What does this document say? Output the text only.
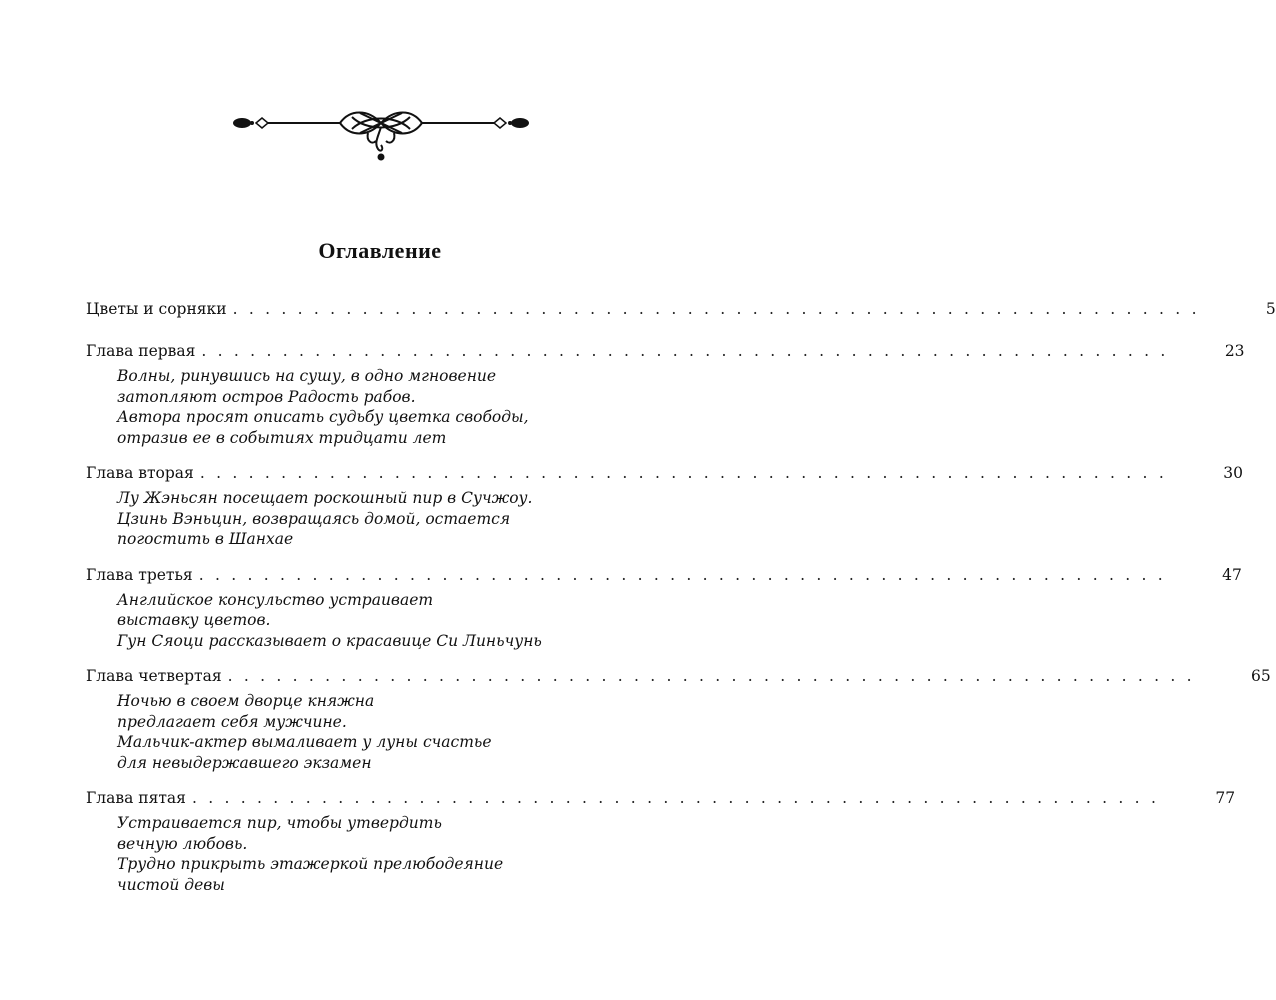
Оглавление
Цветы и сорняки . . . . . . . . . . . . . . . . . . . . . . . . . . . . . . . . . . . . . . . . . . . . . . . . . . . . . . . . . . . .	5
Глава первая . . . . . . . . . . . . . . . . . . . . . . . . . . . . . . . . . . . . . . . . . . . . . . . . . . . . . . . . . . . .	23
Волны, ринувшись на сушу, в одно мгновение
затопляют остров Радость рабов.
Автора просят описать судьбу цветка свободы,
отразив ее в событиях тридцати лет
Глава вторая . . . . . . . . . . . . . . . . . . . . . . . . . . . . . . . . . . . . . . . . . . . . . . . . . . . . . . . . . . . .	30
Лу Жэньсян посещает роскошный пир в Сучжоу.
Цзинь Вэньцин, возвращаясь домой, остается
погостить в Шанхае
Глава третья . . . . . . . . . . . . . . . . . . . . . . . . . . . . . . . . . . . . . . . . . . . . . . . . . . . . . . . . . . . .	47
Английское консульство устраивает
выставку цветов.
Гун Сяоци рассказывает о красавице Си Линьчунь
Глава четвертая . . . . . . . . . . . . . . . . . . . . . . . . . . . . . . . . . . . . . . . . . . . . . . . . . . . . . . . . . . . .	65
Ночью в своем дворце княжна
предлагает себя мужчине.
Мальчик-актер вымаливает у луны счастье
для невыдержавшего экзамен
Глава пятая . . . . . . . . . . . . . . . . . . . . . . . . . . . . . . . . . . . . . . . . . . . . . . . . . . . . . . . . . . . .	77
Устраивается пир, чтобы утвердить
вечную любовь.
Трудно прикрыть этажеркой прелюбодеяние
чистой девы
